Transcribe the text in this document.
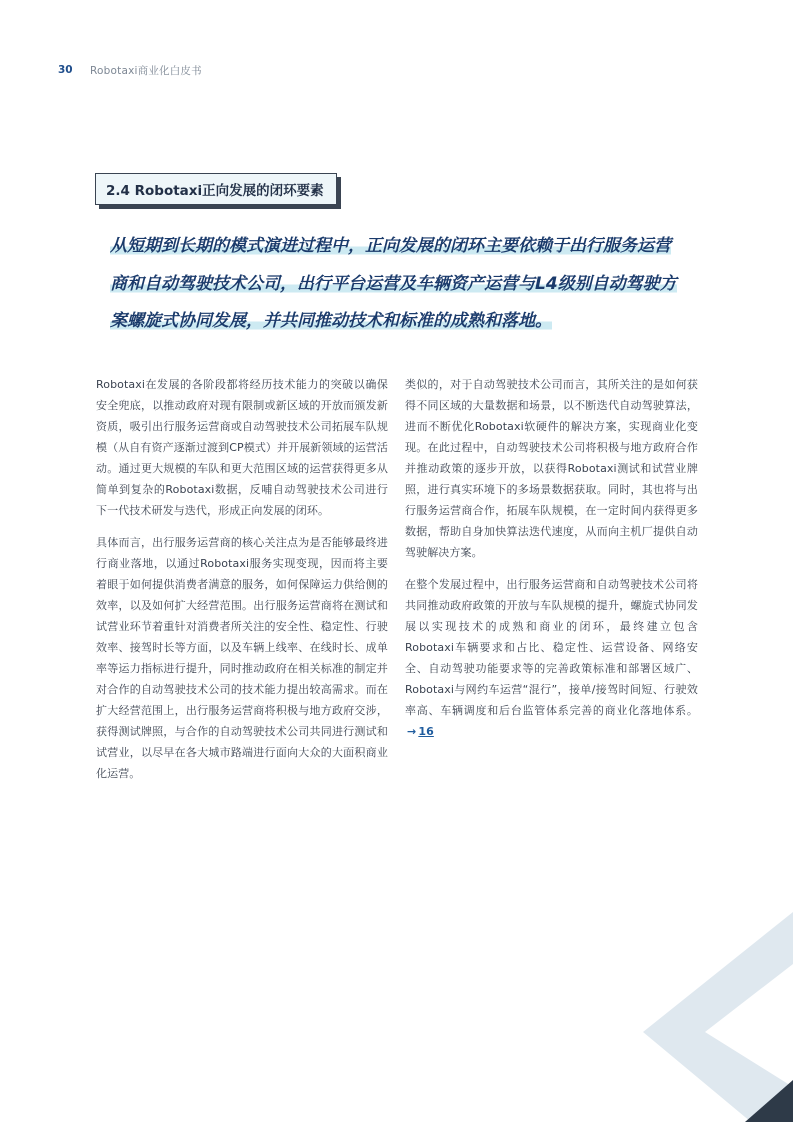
30	Robotaxi商业化白皮书
2.4 Robotaxi正向发展的闭环要素

从短期到长期的模式演进过程中，正向发展的闭环主要依赖于出行服务运营商和自动驾驶技术公司，出行平台运营及车辆资产运营与L4级别自动驾驶方案螺旋式协同发展，并共同推动技术和标准的成熟和落地。

Robotaxi在发展的各阶段都将经历技术能力的突破以确保安全兜底，以推动政府对现有限制或新区域的开放而颁发新资质，吸引出行服务运营商或自动驾驶技术公司拓展车队规模（从自有资产逐渐过渡到CP模式）并开展新领域的运营活动。通过更大规模的车队和更大范围区域的运营获得更多从简单到复杂的Robotaxi数据，反哺自动驾驶技术公司进行下一代技术研发与迭代，形成正向发展的闭环。

具体而言，出行服务运营商的核心关注点为是否能够最终进行商业落地，以通过Robotaxi服务实现变现，因而将主要着眼于如何提供消费者满意的服务，如何保障运力供给侧的效率，以及如何扩大经营范围。出行服务运营商将在测试和试营业环节着重针对消费者所关注的安全性、稳定性、行驶效率、接驾时长等方面，以及车辆上线率、在线时长、成单率等运力指标进行提升，同时推动政府在相关标准的制定并对合作的自动驾驶技术公司的技术能力提出较高需求。而在扩大经营范围上，出行服务运营商将积极与地方政府交涉，获得测试牌照，与合作的自动驾驶技术公司共同进行测试和试营业，以尽早在各大城市路端进行面向大众的大面积商业化运营。

类似的，对于自动驾驶技术公司而言，其所关注的是如何获得不同区域的大量数据和场景，以不断迭代自动驾驶算法，进而不断优化Robotaxi软硬件的解决方案，实现商业化变现。在此过程中，自动驾驶技术公司将积极与地方政府合作并推动政策的逐步开放，以获得Robotaxi测试和试营业牌照，进行真实环境下的多场景数据获取。同时，其也将与出行服务运营商合作，拓展车队规模，在一定时间内获得更多数据，帮助自身加快算法迭代速度，从而向主机厂提供自动驾驶解决方案。

在整个发展过程中，出行服务运营商和自动驾驶技术公司将共同推动政府政策的开放与车队规模的提升，螺旋式协同发展以实现技术的成熟和商业的闭环，最终建立包含Robotaxi车辆要求和占比、稳定性、运营设备、网络安全、自动驾驶功能要求等的完善政策标准和部署区域广、Robotaxi与网约车运营“混行”，接单/接驾时间短、行驶效率高、车辆调度和后台监管体系完善的商业化落地体系。→ 16
